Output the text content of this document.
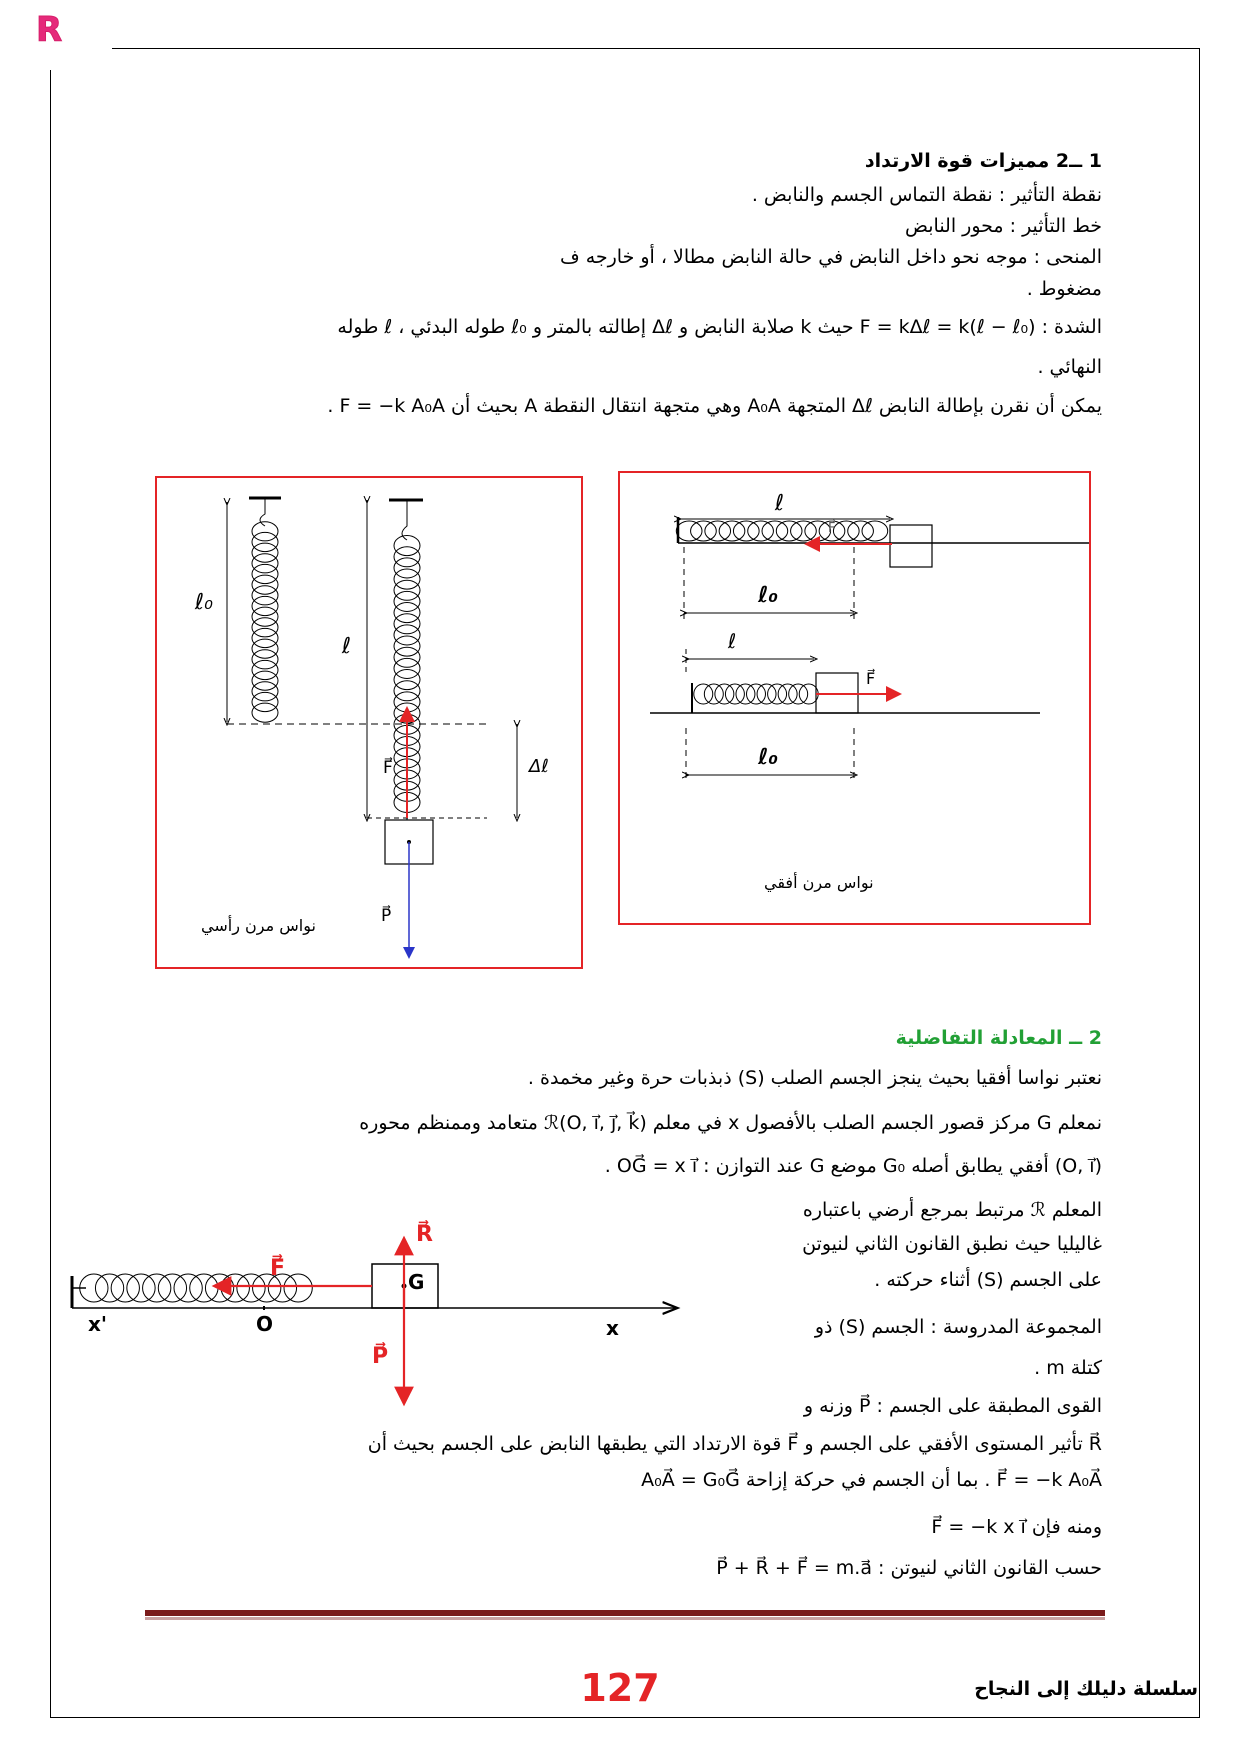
R
1 ــ2 مميزات قوة الارتداد
نقطة التأثير : نقطة التماس الجسم والنابض .
خط التأثير : محور النابض
المنحى : موجه نحو داخل النابض في حالة النابض مطالا ، أو خارجه ف
مضغوط .
الشدة : F = kΔℓ = k(ℓ − ℓ₀) حيث k صلابة النابض و Δℓ إطالته بالمتر و ℓ₀ طوله البدئي ، ℓ طوله
النهائي .
يمكن أن نقرن بإطالة النابض Δℓ المتجهة A₀A وهي متجهة انتقال النقطة A بحيث أن F = −k A₀A .
ℓ₀
ℓ
Δℓ
F⃗
P⃗
نواس مرن رأسي
ℓ
ℓ₀
ℓ
F⃗
F⃗
ℓ₀
نواس مرن أفقي
2 ــ المعادلة التفاضلية
نعتبر نواسا أفقيا بحيث ينجز الجسم الصلب (S) ذبذبات حرة وغير مخمدة .
نمعلم G مركز قصور الجسم الصلب بالأفصول x في معلم ℛ(O, i⃗, j⃗, k⃗) متعامد وممنظم محوره
(O, i⃗) أفقي يطابق أصله G₀ موضع G عند التوازن : OG⃗ = x i⃗ .
المعلم ℛ مرتبط بمرجع أرضي باعتباره
غاليليا حيث نطبق القانون الثاني لنيوتن
على الجسم (S) أثناء حركته .
المجموعة المدروسة : الجسم (S) ذو
كتلة m .
القوى المطبقة على الجسم : P⃗ وزنه و
R⃗ تأثير المستوى الأفقي على الجسم و F⃗ قوة الارتداد التي يطبقها النابض على الجسم بحيث أن
F⃗ = −k A₀A⃗ . بما أن الجسم في حركة إزاحة A₀A⃗ = G₀G⃗
ومنه فإن F⃗ = −k x i⃗
حسب القانون الثاني لنيوتن : P⃗ + R⃗ + F⃗ = m.a⃗
R⃗
G
F⃗
P⃗
x'	O	x
127	سلسلة دليلك إلى النجاح
